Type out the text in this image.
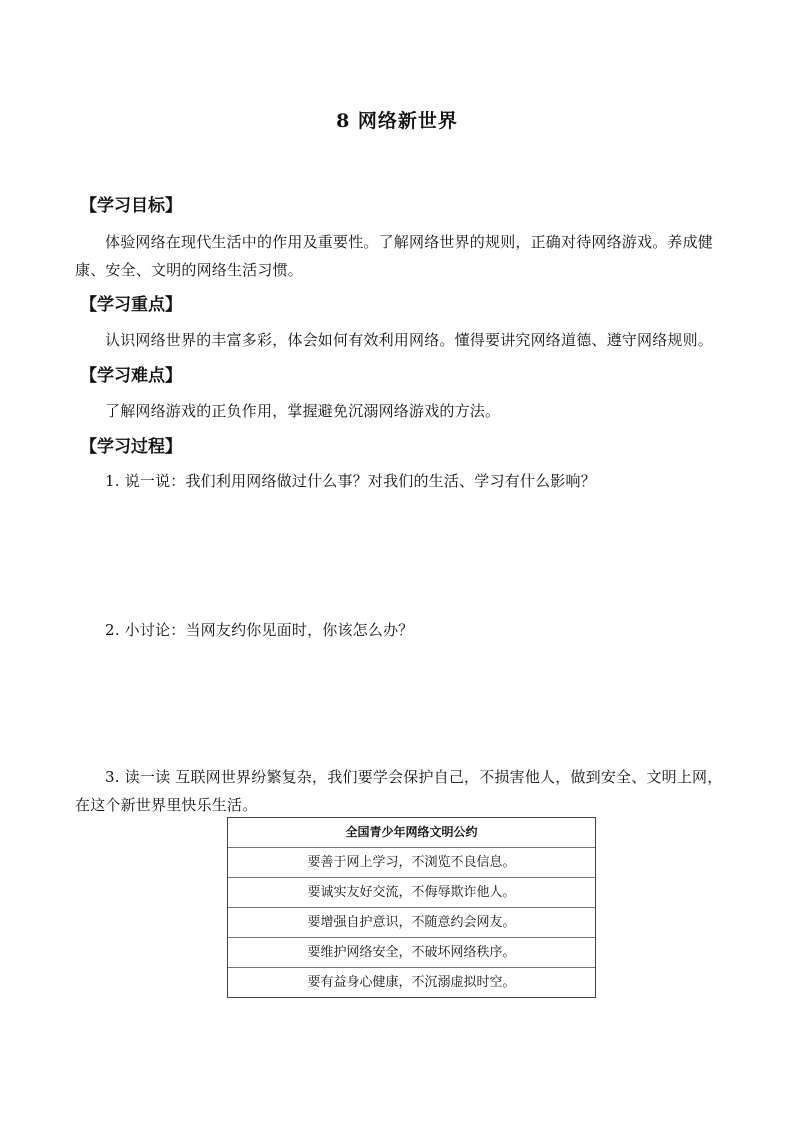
8 网络新世界
【学习目标】
体验网络在现代生活中的作用及重要性。了解网络世界的规则，正确对待网络游戏。养成健康、安全、文明的网络生活习惯。
【学习重点】
认识网络世界的丰富多彩，体会如何有效利用网络。懂得要讲究网络道德、遵守网络规则。
【学习难点】
了解网络游戏的正负作用，掌握避免沉溺网络游戏的方法。
【学习过程】
1. 说一说：我们利用网络做过什么事？对我们的生活、学习有什么影响？
2. 小讨论：当网友约你见面时，你该怎么办？
3. 读一读 互联网世界纷繁复杂，我们要学会保护自己，不损害他人，做到安全、文明上网，在这个新世界里快乐生活。
全国青少年网络文明公约
要善于网上学习，不浏览不良信息。
要诚实友好交流，不侮辱欺诈他人。
要增强自护意识，不随意约会网友。
要维护网络安全，不破坏网络秩序。
要有益身心健康，不沉溺虚拟时空。
